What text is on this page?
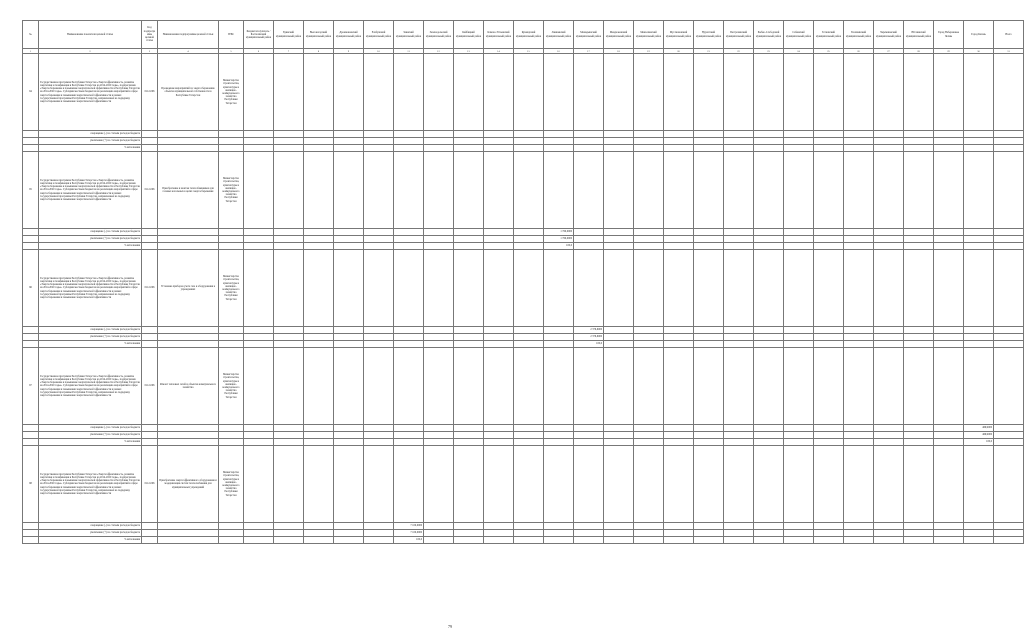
№	Наименование показателя целевой статьи	Код подпрограммы целевой статьи	Наименование подпрограммы целевой статьи	ГРБС	Бюджетополучатель / Балтасинский муниципальный район	Буинский муниципальный район	Высокогорский муниципальный район	Дрожжановский муниципальный район	Елабужский муниципальный район	Заинский муниципальный район	Зеленодольский муниципальный район	Кайбицкий муниципальный район	Камско-Устьинский муниципальный район	Кукморский муниципальный район	Лаишевский муниципальный район	Мамадышский муниципальный район	Менделеевский муниципальный район	Мензелинский муниципальный район	Муслюмовский муниципальный район	Нурлатский муниципальный район	Пестречинский муниципальный район	Рыбно-Слободский муниципальный район	Сабинский муниципальный район	Тетюшский муниципальный район	Тюлячинский муниципальный район	Черемшанский муниципальный район	Ютазинский муниципальный район	Город Набережные Челны	Город Казань	Всего
1	2	3	4	5	6	7	8	9	10	11	12	13	14	15	16	17	18	19	20	21	22	23	24	25	26	27	28	29	30	31
64	Государственная программа Республики Татарстан «Энергоэффективность, развитие энергетики и газификации в Республике Татарстан на 2014-2020 годы», подпрограмма «Энергосбережение и повышение энергетической эффективности в Республике Татарстан на 2014-2020 годы». Субсидии местным бюджетам на реализацию мероприятий в сфере энергосбережения и повышения энергетической эффективности в рамках государственной программы Республики Татарстан, направленных на поддержку энергосбережения и повышение энергетической эффективности	0112-006	Проведение мероприятий по энергосбережению объектов муниципальной собственности в Республике Татарстан	Министерство строительства, архитектуры и жилищно-коммунального хозяйства Республики Татарстан																										
	сокращение (-) по статьям расходов бюджета																													
	увеличение (+) по статьям расходов бюджета																													
	% исполнения																													
65	Государственная программа Республики Татарстан «Энергоэффективность, развитие энергетики и газификации в Республике Татарстан на 2014-2020 годы», подпрограмма «Энергосбережение и повышение энергетической эффективности в Республике Татарстан на 2014-2020 годы». Субсидии местным бюджетам на реализацию мероприятий в сфере энергосбережения и повышения энергетической эффективности в рамках государственной программы Республики Татарстан, направленных на поддержку энергосбережения и повышение энергетической эффективности	0112-006	Приобретение и монтаж теплообменников для газовых котельных в целях энергосбережения	Министерство строительства, архитектуры и жилищно-коммунального хозяйства Республики Татарстан																										
	сокращение (-) по статьям расходов бюджета														1 760,0000															
	увеличение (+) по статьям расходов бюджета														1 760,0000															
	% исполнения														100,0															
66	Государственная программа Республики Татарстан «Энергоэффективность, развитие энергетики и газификации в Республике Татарстан на 2014-2020 годы», подпрограмма «Энергосбережение и повышение энергетической эффективности в Республике Татарстан на 2014-2020 годы». Субсидии местным бюджетам на реализацию мероприятий в сфере энергосбережения и повышения энергетической эффективности в рамках государственной программы Республики Татарстан, направленных на поддержку энергосбережения и повышение энергетической эффективности	0112-006	Установка приборов учета газа и оборудования в учреждениях	Министерство строительства, архитектуры и жилищно-коммунального хозяйства Республики Татарстан																										
	сокращение (-) по статьям расходов бюджета															2 376,6000														
	увеличение (+) по статьям расходов бюджета															2 376,6000														
	% исполнения															100,0														
67	Государственная программа Республики Татарстан «Энергоэффективность, развитие энергетики и газификации в Республике Татарстан на 2014-2020 годы», подпрограмма «Энергосбережение и повышение энергетической эффективности в Республике Татарстан на 2014-2020 годы». Субсидии местным бюджетам на реализацию мероприятий в сфере энергосбережения и повышения энергетической эффективности в рамках государственной программы Республики Татарстан, направленных на поддержку энергосбережения и повышение энергетической эффективности	0112-006	Ремонт тепловых сетей и объектов коммунального хозяйства	Министерство строительства, архитектуры и жилищно-коммунального хозяйства Республики Татарстан																										
	сокращение (-) по статьям расходов бюджета																												469,9000	
	увеличение (+) по статьям расходов бюджета																												469,9000	
	% исполнения																												100,0	
68	Государственная программа Республики Татарстан «Энергоэффективность, развитие энергетики и газификации в Республике Татарстан на 2014-2020 годы», подпрограмма «Энергосбережение и повышение энергетической эффективности в Республике Татарстан на 2014-2020 годы». Субсидии местным бюджетам на реализацию мероприятий в сфере энергосбережения и повышения энергетической эффективности в рамках государственной программы Республики Татарстан, направленных на поддержку энергосбережения и повышение энергетической эффективности	0112-006	Приобретение энергоэффективного оборудования и модернизация систем теплоснабжения для муниципальных учреждений	Министерство строительства, архитектуры и жилищно-коммунального хозяйства Республики Татарстан																										
	сокращение (-) по статьям расходов бюджета									7 100,0000																				
	увеличение (+) по статьям расходов бюджета									7 100,0000																				
	% исполнения									100,0																				
79
